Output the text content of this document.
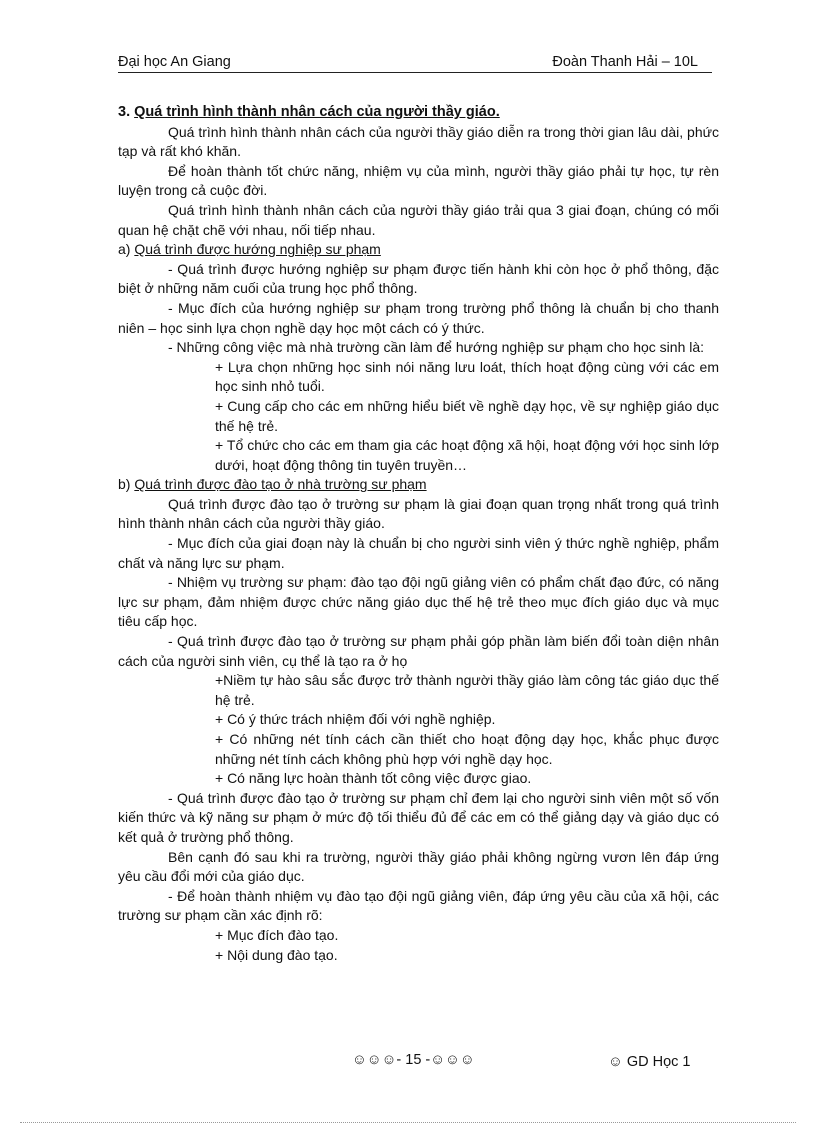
Đại học An Giang	Đoàn Thanh Hải – 10L

3. Quá trình hình thành nhân cách của người thầy giáo.

Quá trình hình thành nhân cách của người thầy giáo diễn ra trong thời gian lâu dài, phức tạp và rất khó khăn.

Để hoàn thành tốt chức năng, nhiệm vụ của mình, người thầy giáo phải tự học, tự rèn luyện trong cả cuộc đời.

Quá trình hình thành nhân cách của người thầy giáo trải qua 3 giai đoạn, chúng có mối quan hệ chặt chẽ với nhau, nối tiếp nhau.

a) Quá trình được hướng nghiệp sư phạm

- Quá trình được hướng nghiệp sư phạm được tiến hành khi còn học ở phổ thông, đặc biệt ở những năm cuối của trung học phổ thông.

- Mục đích của hướng nghiệp sư phạm trong trường phổ thông là chuẩn bị cho thanh niên – học sinh lựa chọn nghề dạy học một cách có ý thức.

- Những công việc mà nhà trường cần làm để hướng nghiệp sư phạm cho học sinh là:

+ Lựa chọn những học sinh nói năng lưu loát, thích hoạt động cùng với các em học sinh nhỏ tuổi.

+ Cung cấp cho các em những hiểu biết về nghề dạy học, về sự nghiệp giáo dục thế hệ trẻ.

+ Tổ chức cho các em tham gia các hoạt động xã hội, hoạt động với học sinh lớp dưới, hoạt động thông tin tuyên truyền…

b) Quá trình được đào tạo ở nhà trường sư phạm

Quá trình được đào tạo ở trường sư phạm là giai đoạn quan trọng nhất trong quá trình hình thành nhân cách của người thầy giáo.

- Mục đích của giai đoạn này là chuẩn bị cho người sinh viên ý thức nghề nghiệp, phẩm chất và năng lực sư phạm.

- Nhiệm vụ trường sư phạm: đào tạo đội ngũ giảng viên có phẩm chất đạo đức, có năng lực sư phạm, đảm nhiệm được chức năng giáo dục thế hệ trẻ theo mục đích giáo dục và mục tiêu cấp học.

- Quá trình được đào tạo ở trường sư phạm phải góp phần làm biến đổi toàn diện nhân cách của người sinh viên, cụ thể là tạo ra ở họ

+Niềm tự hào sâu sắc được trở thành người thầy giáo làm công tác giáo dục thế hệ trẻ.

+ Có ý thức trách nhiệm đối với nghề nghiệp.

+ Có những nét tính cách cần thiết cho hoạt động dạy học, khắc phục được những nét tính cách không phù hợp với nghề dạy học.

+ Có năng lực hoàn thành tốt công việc được giao.

- Quá trình được đào tạo ở trường sư phạm chỉ đem lại cho người sinh viên một số vốn kiến thức và kỹ năng sư phạm ở mức độ tối thiểu đủ để các em có thể giảng dạy và giáo dục có kết quả ở trường phổ thông.

Bên cạnh đó sau khi ra trường, người thầy giáo phải không ngừng vươn lên đáp ứng yêu cầu đổi mới của giáo dục.

- Để hoàn thành nhiệm vụ đào tạo đội ngũ giảng viên, đáp ứng yêu cầu của xã hội, các trường sư phạm cần xác định rõ:

+ Mục đích đào tạo.

+ Nội dung đào tạo.

☺☺☺- 15 -☺☺☺	☺ GD Học 1
